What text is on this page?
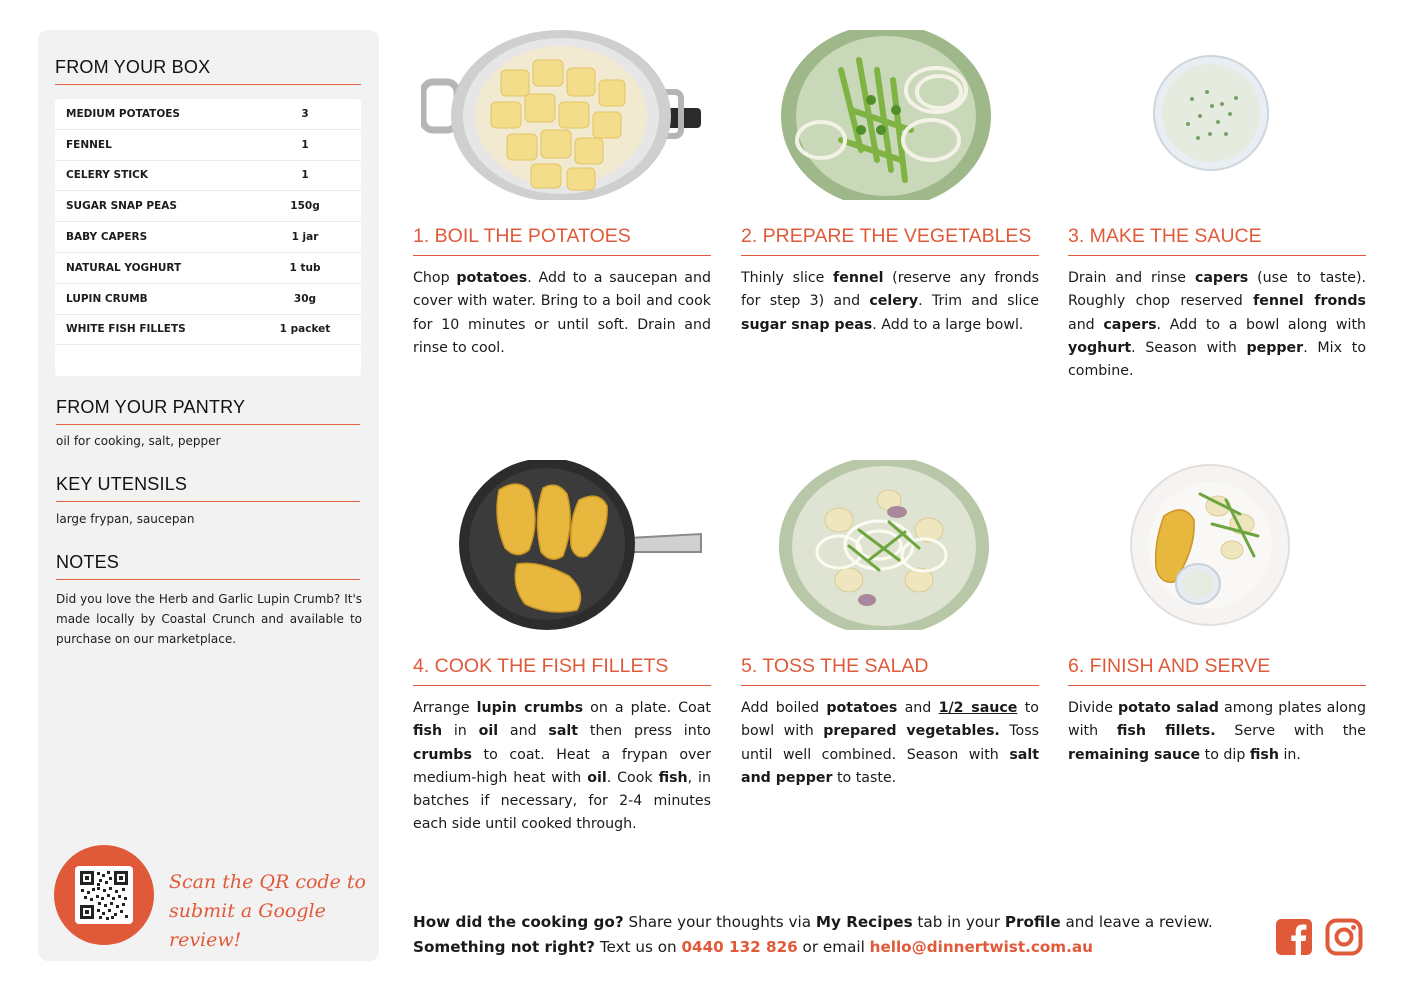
FROM YOUR BOX
MEDIUM POTATOES	3
FENNEL	1
CELERY STICK	1
SUGAR SNAP PEAS	150g
BABY CAPERS	1 jar
NATURAL YOGHURT	1 tub
LUPIN CRUMB	30g
WHITE FISH FILLETS	1 packet
FROM YOUR PANTRY
oil for cooking, salt, pepper
KEY UTENSILS
large frypan, saucepan
NOTES
Did you love the Herb and Garlic Lupin Crumb? It's made locally by Coastal Crunch and available to purchase on our marketplace.
Scan the QR code to
submit a Google review!
1. BOIL THE POTATOES
Chop potatoes. Add to a saucepan and cover with water. Bring to a boil and cook for 10 minutes or until soft. Drain and rinse to cool.
2. PREPARE THE VEGETABLES
Thinly slice fennel (reserve any fronds for step 3) and celery. Trim and slice sugar snap peas. Add to a large bowl.
3. MAKE THE SAUCE
Drain and rinse capers (use to taste). Roughly chop reserved fennel fronds and capers. Add to a bowl along with yoghurt. Season with pepper. Mix to combine.
4. COOK THE FISH FILLETS
Arrange lupin crumbs on a plate. Coat fish in oil and salt then press into crumbs to coat. Heat a frypan over medium-high heat with oil. Cook fish, in batches if necessary, for 2-4 minutes each side until cooked through.
5. TOSS THE SALAD
Add boiled potatoes and 1/2 sauce to bowl with prepared vegetables. Toss until well combined. Season with salt and pepper to taste.
6. FINISH AND SERVE
Divide potato salad among plates along with fish fillets. Serve with the remaining sauce to dip fish in.
How did the cooking go? Share your thoughts via My Recipes tab in your Profile and leave a review.
Something not right? Text us on 0440 132 826 or email hello@dinnertwist.com.au
